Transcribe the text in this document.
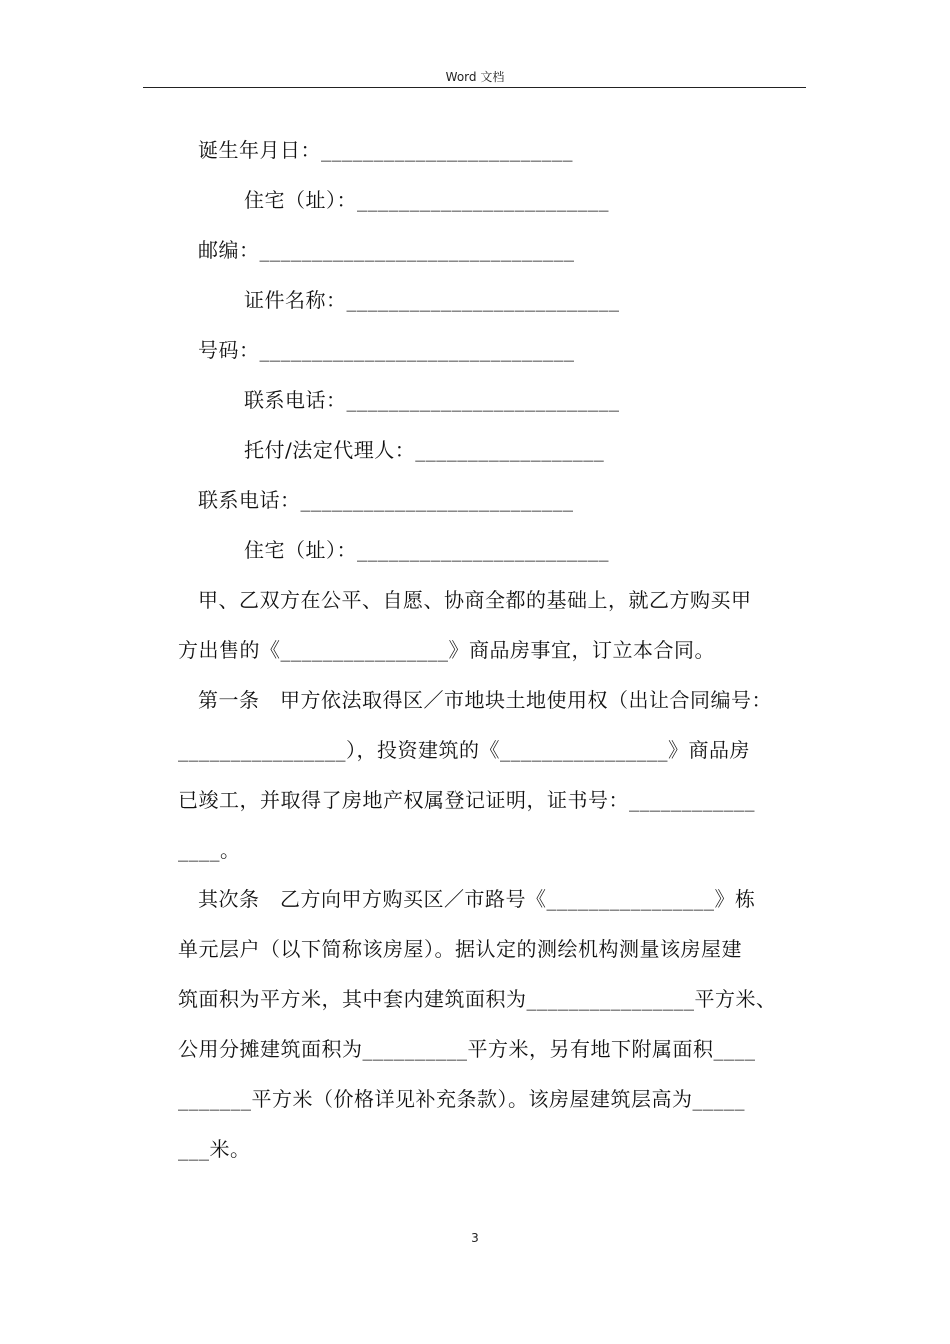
Word 文档
诞生年月日：________________________
住宅（址）：________________________
邮编：______________________________
证件名称：__________________________
号码：______________________________
联系电话：__________________________
托付/法定代理人：__________________
联系电话：__________________________
住宅（址）：________________________
甲、乙双方在公平、自愿、协商全都的基础上，就乙方购买甲
方出售的《________________》商品房事宜，订立本合同。
第一条　甲方依法取得区／市地块土地使用权（出让合同编号：
________________），投资建筑的《________________》商品房
已竣工，并取得了房地产权属登记证明，证书号：____________
____。
其次条　乙方向甲方购买区／市路号《________________》栋
单元层户（以下简称该房屋）。据认定的测绘机构测量该房屋建
筑面积为平方米，其中套内建筑面积为________________平方米、
公用分摊建筑面积为__________平方米，另有地下附属面积____
_______平方米（价格详见补充条款）。该房屋建筑层高为_____
___米。
3
